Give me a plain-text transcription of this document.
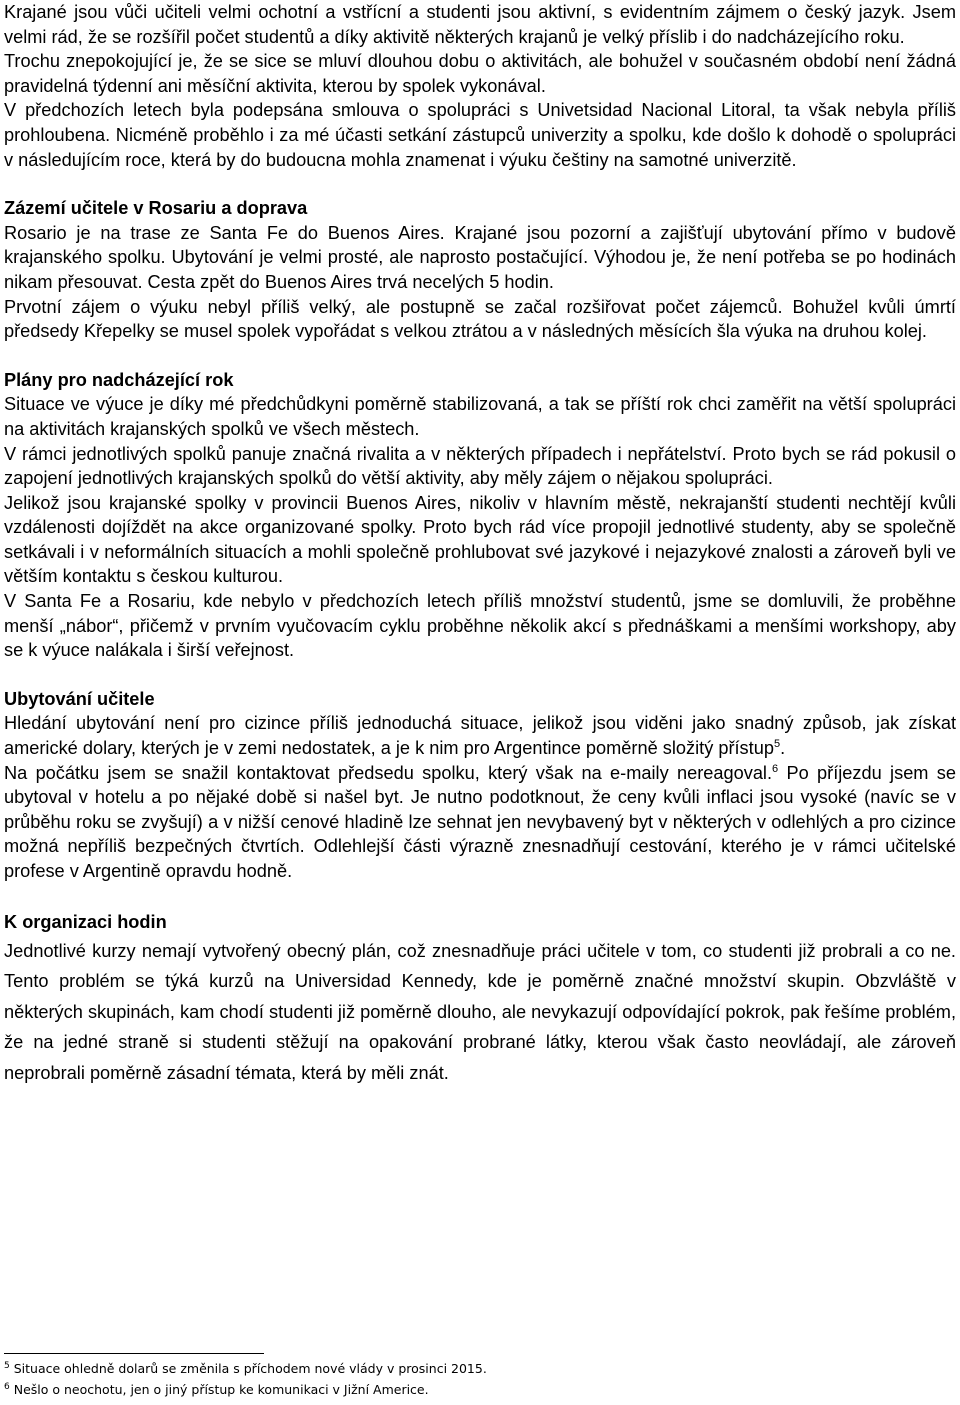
Krajané jsou vůči učiteli velmi ochotní a vstřícní a studenti jsou aktivní, s evidentním zájmem o český jazyk. Jsem velmi rád, že se rozšířil počet studentů a díky aktivitě některých krajanů je velký příslib i do nadcházejícího roku.

Trochu znepokojující je, že se sice se mluví dlouhou dobu o aktivitách, ale bohužel v současném období není žádná pravidelná týdenní ani měsíční aktivita, kterou by spolek vykonával.

V předchozích letech byla podepsána smlouva o spolupráci s Univetsidad Nacional Litoral, ta však nebyla příliš prohloubena. Nicméně proběhlo i za mé účasti setkání zástupců univerzity a spolku, kde došlo k dohodě o spolupráci v následujícím roce, která by do budoucna mohla znamenat i výuku češtiny na samotné univerzitě.

Zázemí učitele v Rosariu a doprava

Rosario je na trase ze Santa Fe do Buenos Aires. Krajané jsou pozorní a zajišťují ubytování přímo v budově krajanského spolku. Ubytování je velmi prosté, ale naprosto postačující. Výhodou je, že není potřeba se po hodinách nikam přesouvat. Cesta zpět do Buenos Aires trvá necelých 5 hodin.

Prvotní zájem o výuku nebyl příliš velký, ale postupně se začal rozšiřovat počet zájemců. Bohužel kvůli úmrtí předsedy Křepelky se musel spolek vypořádat s velkou ztrátou a v následných měsících šla výuka na druhou kolej.

Plány pro nadcházející rok

Situace ve výuce je díky mé předchůdkyni poměrně stabilizovaná, a tak se příští rok chci zaměřit na větší spolupráci na aktivitách krajanských spolků ve všech městech.

V rámci jednotlivých spolků panuje značná rivalita a v některých případech i nepřátelství. Proto bych se rád pokusil o zapojení jednotlivých krajanských spolků do větší aktivity, aby měly zájem o nějakou spolupráci.

Jelikož jsou krajanské spolky v provincii Buenos Aires, nikoliv v hlavním městě, nekrajanští studenti nechtějí kvůli vzdálenosti dojíždět na akce organizované spolky. Proto bych rád více propojil jednotlivé studenty, aby se společně setkávali i v neformálních situacích a mohli společně prohlubovat své jazykové i nejazykové znalosti a zároveň byli ve větším kontaktu s českou kulturou.

V Santa Fe a Rosariu, kde nebylo v předchozích letech příliš množství studentů, jsme se domluvili, že proběhne menší „nábor“, přičemž v prvním vyučovacím cyklu proběhne několik akcí s přednáškami a menšími workshopy, aby se k výuce nalákala i širší veřejnost.

Ubytování učitele

Hledání ubytování není pro cizince příliš jednoduchá situace, jelikož jsou viděni jako snadný způsob, jak získat americké dolary, kterých je v zemi nedostatek, a je k nim pro Argentince poměrně složitý přístup$^5$.

Na počátku jsem se snažil kontaktovat předsedu spolku, který však na e-maily nereagoval.$^6$ Po příjezdu jsem se ubytoval v hotelu a po nějaké době si našel byt. Je nutno podotknout, že ceny kvůli inflaci jsou vysoké (navíc se v průběhu roku se zvyšují) a v nižší cenové hladině lze sehnat jen nevybavený byt v některých v odlehlých a pro cizince možná nepříliš bezpečných čtvrtích. Odlehlejší části výrazně znesnadňují cestování, kterého je v rámci učitelské profese v Argentině opravdu hodně.

K organizaci hodin

Jednotlivé kurzy nemají vytvořený obecný plán, což znesnadňuje práci učitele v tom, co studenti již probrali a co ne. Tento problém se týká kurzů na Universidad Kennedy, kde je poměrně značné množství skupin. Obzvláště v některých skupinách, kam chodí studenti již poměrně dlouho, ale nevykazují odpovídající pokrok, pak řešíme problém, že na jedné straně si studenti stěžují na opakování probrané látky, kterou však často neovládají, ale zároveň neprobrali poměrně zásadní témata, která by měli znát.

$^5$ Situace ohledně dolarů se změnila s příchodem nové vlády v prosinci 2015.

$^6$ Nešlo o neochotu, jen o jiný přístup ke komunikaci v Jižní Americe.
